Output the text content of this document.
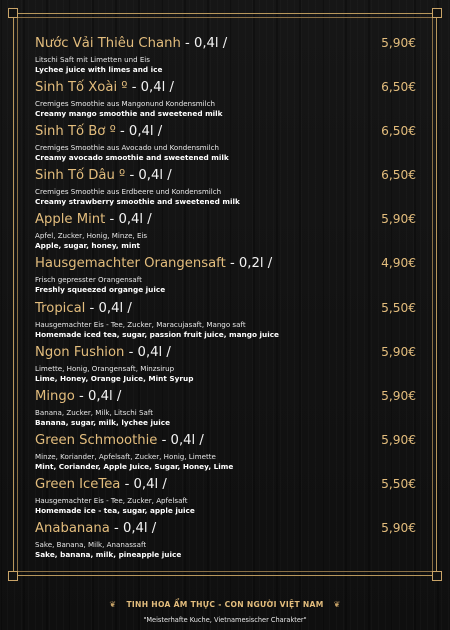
Nước Vải Thiêu Chanh - 0,4l /	5,90€
Litschi Saft mit Limetten und Eis
Lychee juice with limes and ice
Sinh Tố Xoài º - 0,4l /	6,50€
Cremiges Smoothie aus Mangonund Kondensmilch
Creamy mango smoothie and sweetened milk
Sinh Tố Bơ º - 0,4l /	6,50€
Cremiges Smoothie aus Avocado und Kondensmilch
Creamy avocado smoothie and sweetened milk
Sinh Tố Dâu º - 0,4l /	6,50€
Cremiges Smoothie aus Erdbeere und Kondensmilch
Creamy strawberry smoothie and sweetened milk
Apple Mint - 0,4l /	5,90€
Apfel, Zucker, Honig, Minze, Eis
Apple, sugar, honey, mint
Hausgemachter Orangensaft - 0,2l /	4,90€
Frisch gepresster Orangensaft
Freshly squeezed organge juice
Tropical - 0,4l /	5,50€
Hausgemachter Eis - Tee, Zucker, Maracujasaft, Mango saft
Homemade iced tea, sugar, passion fruit juice, mango juice
Ngon Fushion - 0,4l /	5,90€
Limette, Honig, Orangensaft, Minzsirup
Lime, Honey, Orange Juice, Mint Syrup
Mingo - 0,4l /	5,90€
Banana, Zucker, Milk, Litschi Saft
Banana, sugar, milk, lychee juice
Green Schmoothie - 0,4l /	5,90€
Minze, Koriander, Apfelsaft, Zucker, Honig, Limette
Mint, Coriander, Apple Juice, Sugar, Honey, Lime
Green IceTea - 0,4l /	5,50€
Hausgemachter Eis - Tee, Zucker, Apfelsaft
Homemade ice - tea, sugar, apple juice
Anabanana - 0,4l /	5,90€
Sake, Banana, Milk, Ananassaft
Sake, banana, milk, pineapple juice
❦ TINH HOA ẨM THỰC - CON NGƯỜI VIỆT NAM ❦
"Meisterhafte Kuche, Vietnamesischer Charakter"
